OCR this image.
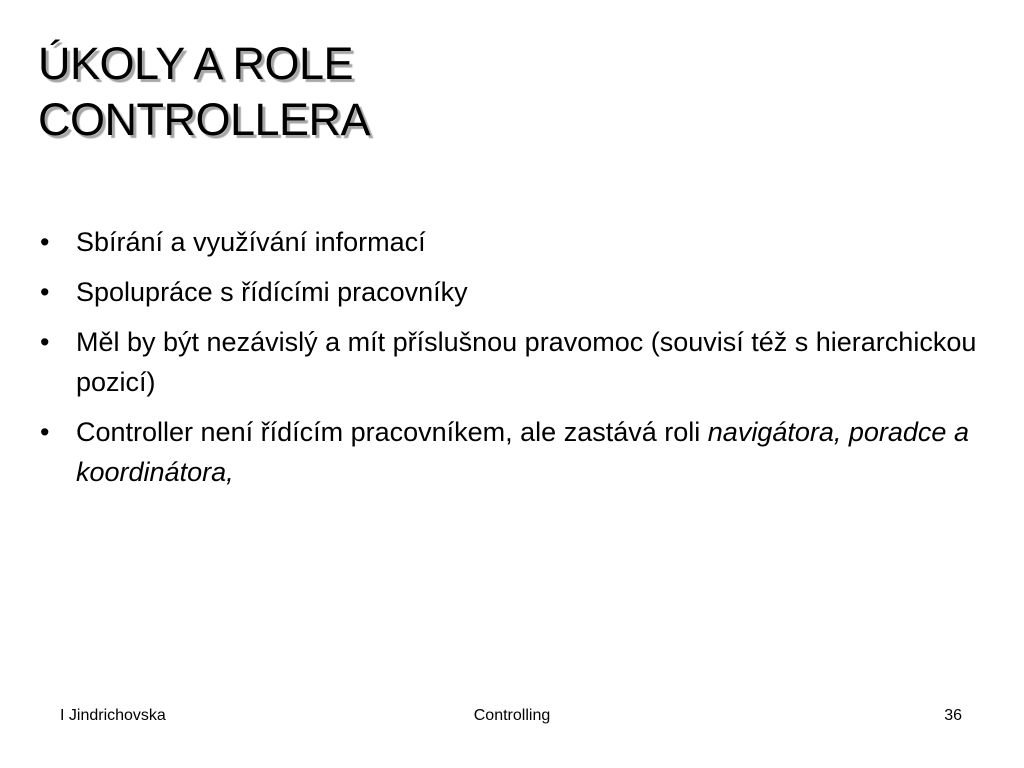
ÚKOLY A ROLE
CONTROLLERA
• Sbírání a využívání informací
• Spolupráce s řídícími pracovníky
• Měl by být nezávislý a mít příslušnou pravomoc (souvisí též s hierarchickou pozicí)
• Controller není řídícím pracovníkem, ale zastává roli navigátora, poradce a koordinátora,
I Jindrichovska	Controlling	36
